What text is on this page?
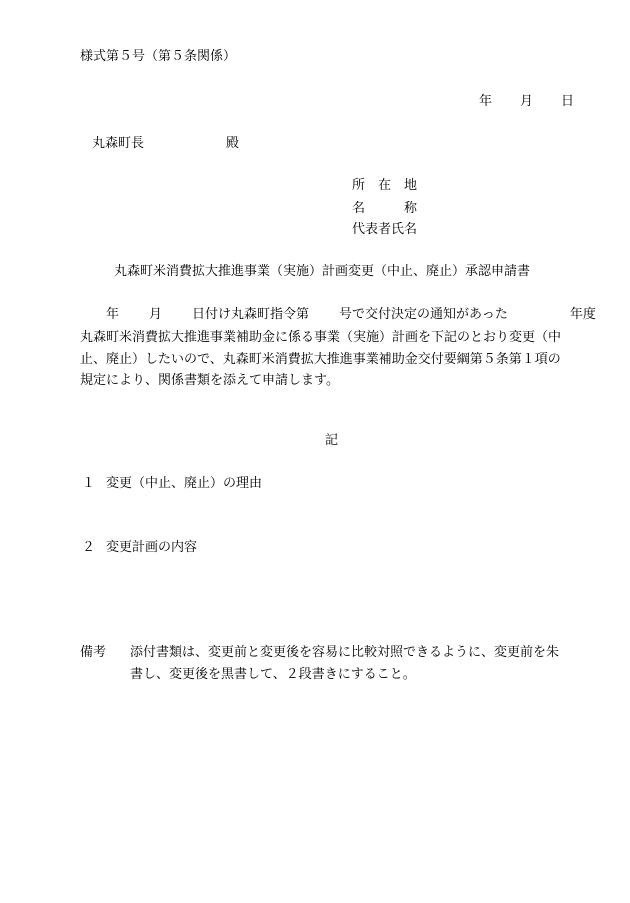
様式第５号（第５条関係）
年 月 日
丸森町長	殿
所　在　地
名　　　称
代表者氏名
丸森町米消費拡大推進事業（実施）計画変更（中止、廃止）承認申請書
年 月 日付け丸森町指令第 号で交付決定の通知があった	年度
丸森町米消費拡大推進事業補助金に係る事業（実施）計画を下記のとおり変更（中
止、廃止）したいので、丸森町米消費拡大推進事業補助金交付要綱第５条第１項の
規定により、関係書類を添えて申請します。
記
１ 変更（中止、廃止）の理由
２ 変更計画の内容
備考 添付書類は、変更前と変更後を容易に比較対照できるように、変更前を朱
書し、変更後を黒書して、２段書きにすること。
